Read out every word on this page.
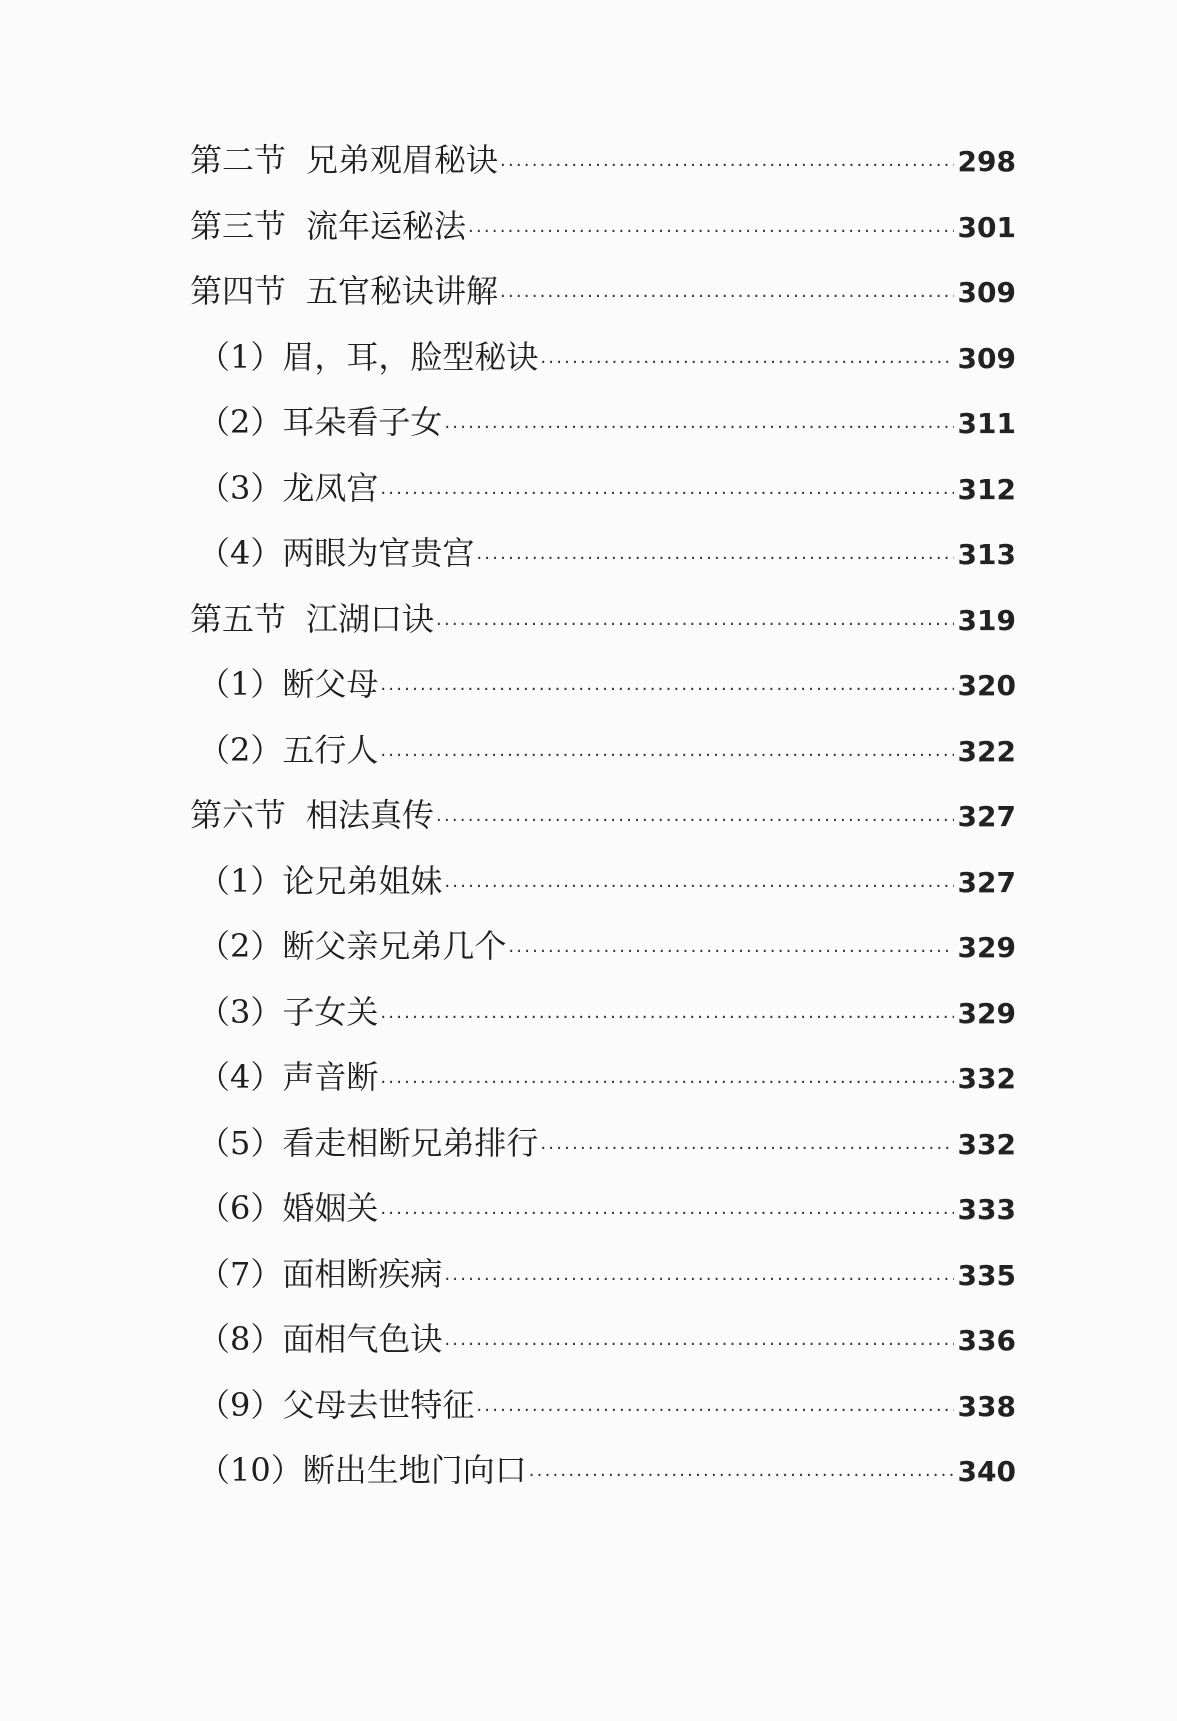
第二节 兄弟观眉秘诀 ·····	298
第三节 流年运秘法 ·····	301
第四节 五官秘诀讲解 ·····	309
（1）眉，耳，脸型秘诀 ·····	309
（2）耳朵看子女 ·····	311
（3）龙凤宫 ·····	312
（4）两眼为官贵宫 ·····	313
第五节 江湖口诀 ·····	319
（1）断父母 ·····	320
（2）五行人 ·····	322
第六节 相法真传 ·····	327
（1）论兄弟姐妹 ·····	327
（2）断父亲兄弟几个 ·····	329
（3）子女关 ·····	329
（4）声音断 ·····	332
（5）看走相断兄弟排行 ·····	332
（6）婚姻关 ·····	333
（7）面相断疾病 ·····	335
（8）面相气色诀 ·····	336
（9）父母去世特征 ·····	338
（10）断出生地门向口 ·····	340
